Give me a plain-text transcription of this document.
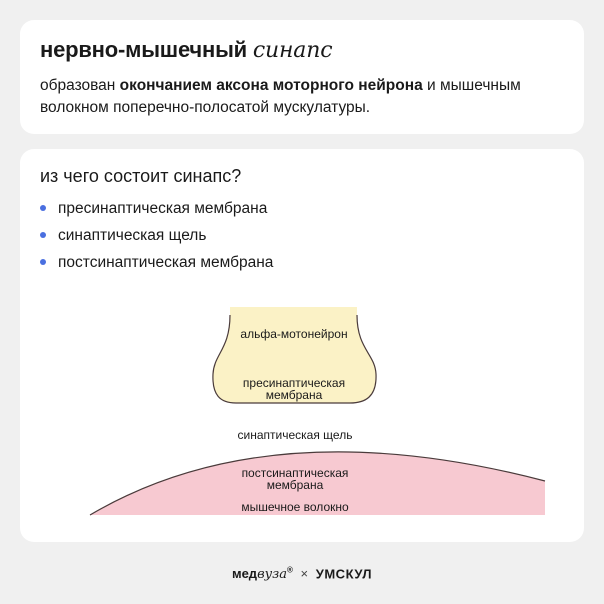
нервно-мышечный синапс
образован окончанием аксона моторного нейрона и мышечным волокном поперечно-полосатой мускулатуры.
из чего состоит синапс?
пресинаптическая мембрана
синаптическая щель
постсинаптическая мембрана
альфа-мотонейрон
пресинаптическая
мембрана
синаптическая щель
постсинаптическая
мембрана
мышечное волокно
медвуза® × УМСКУЛ
